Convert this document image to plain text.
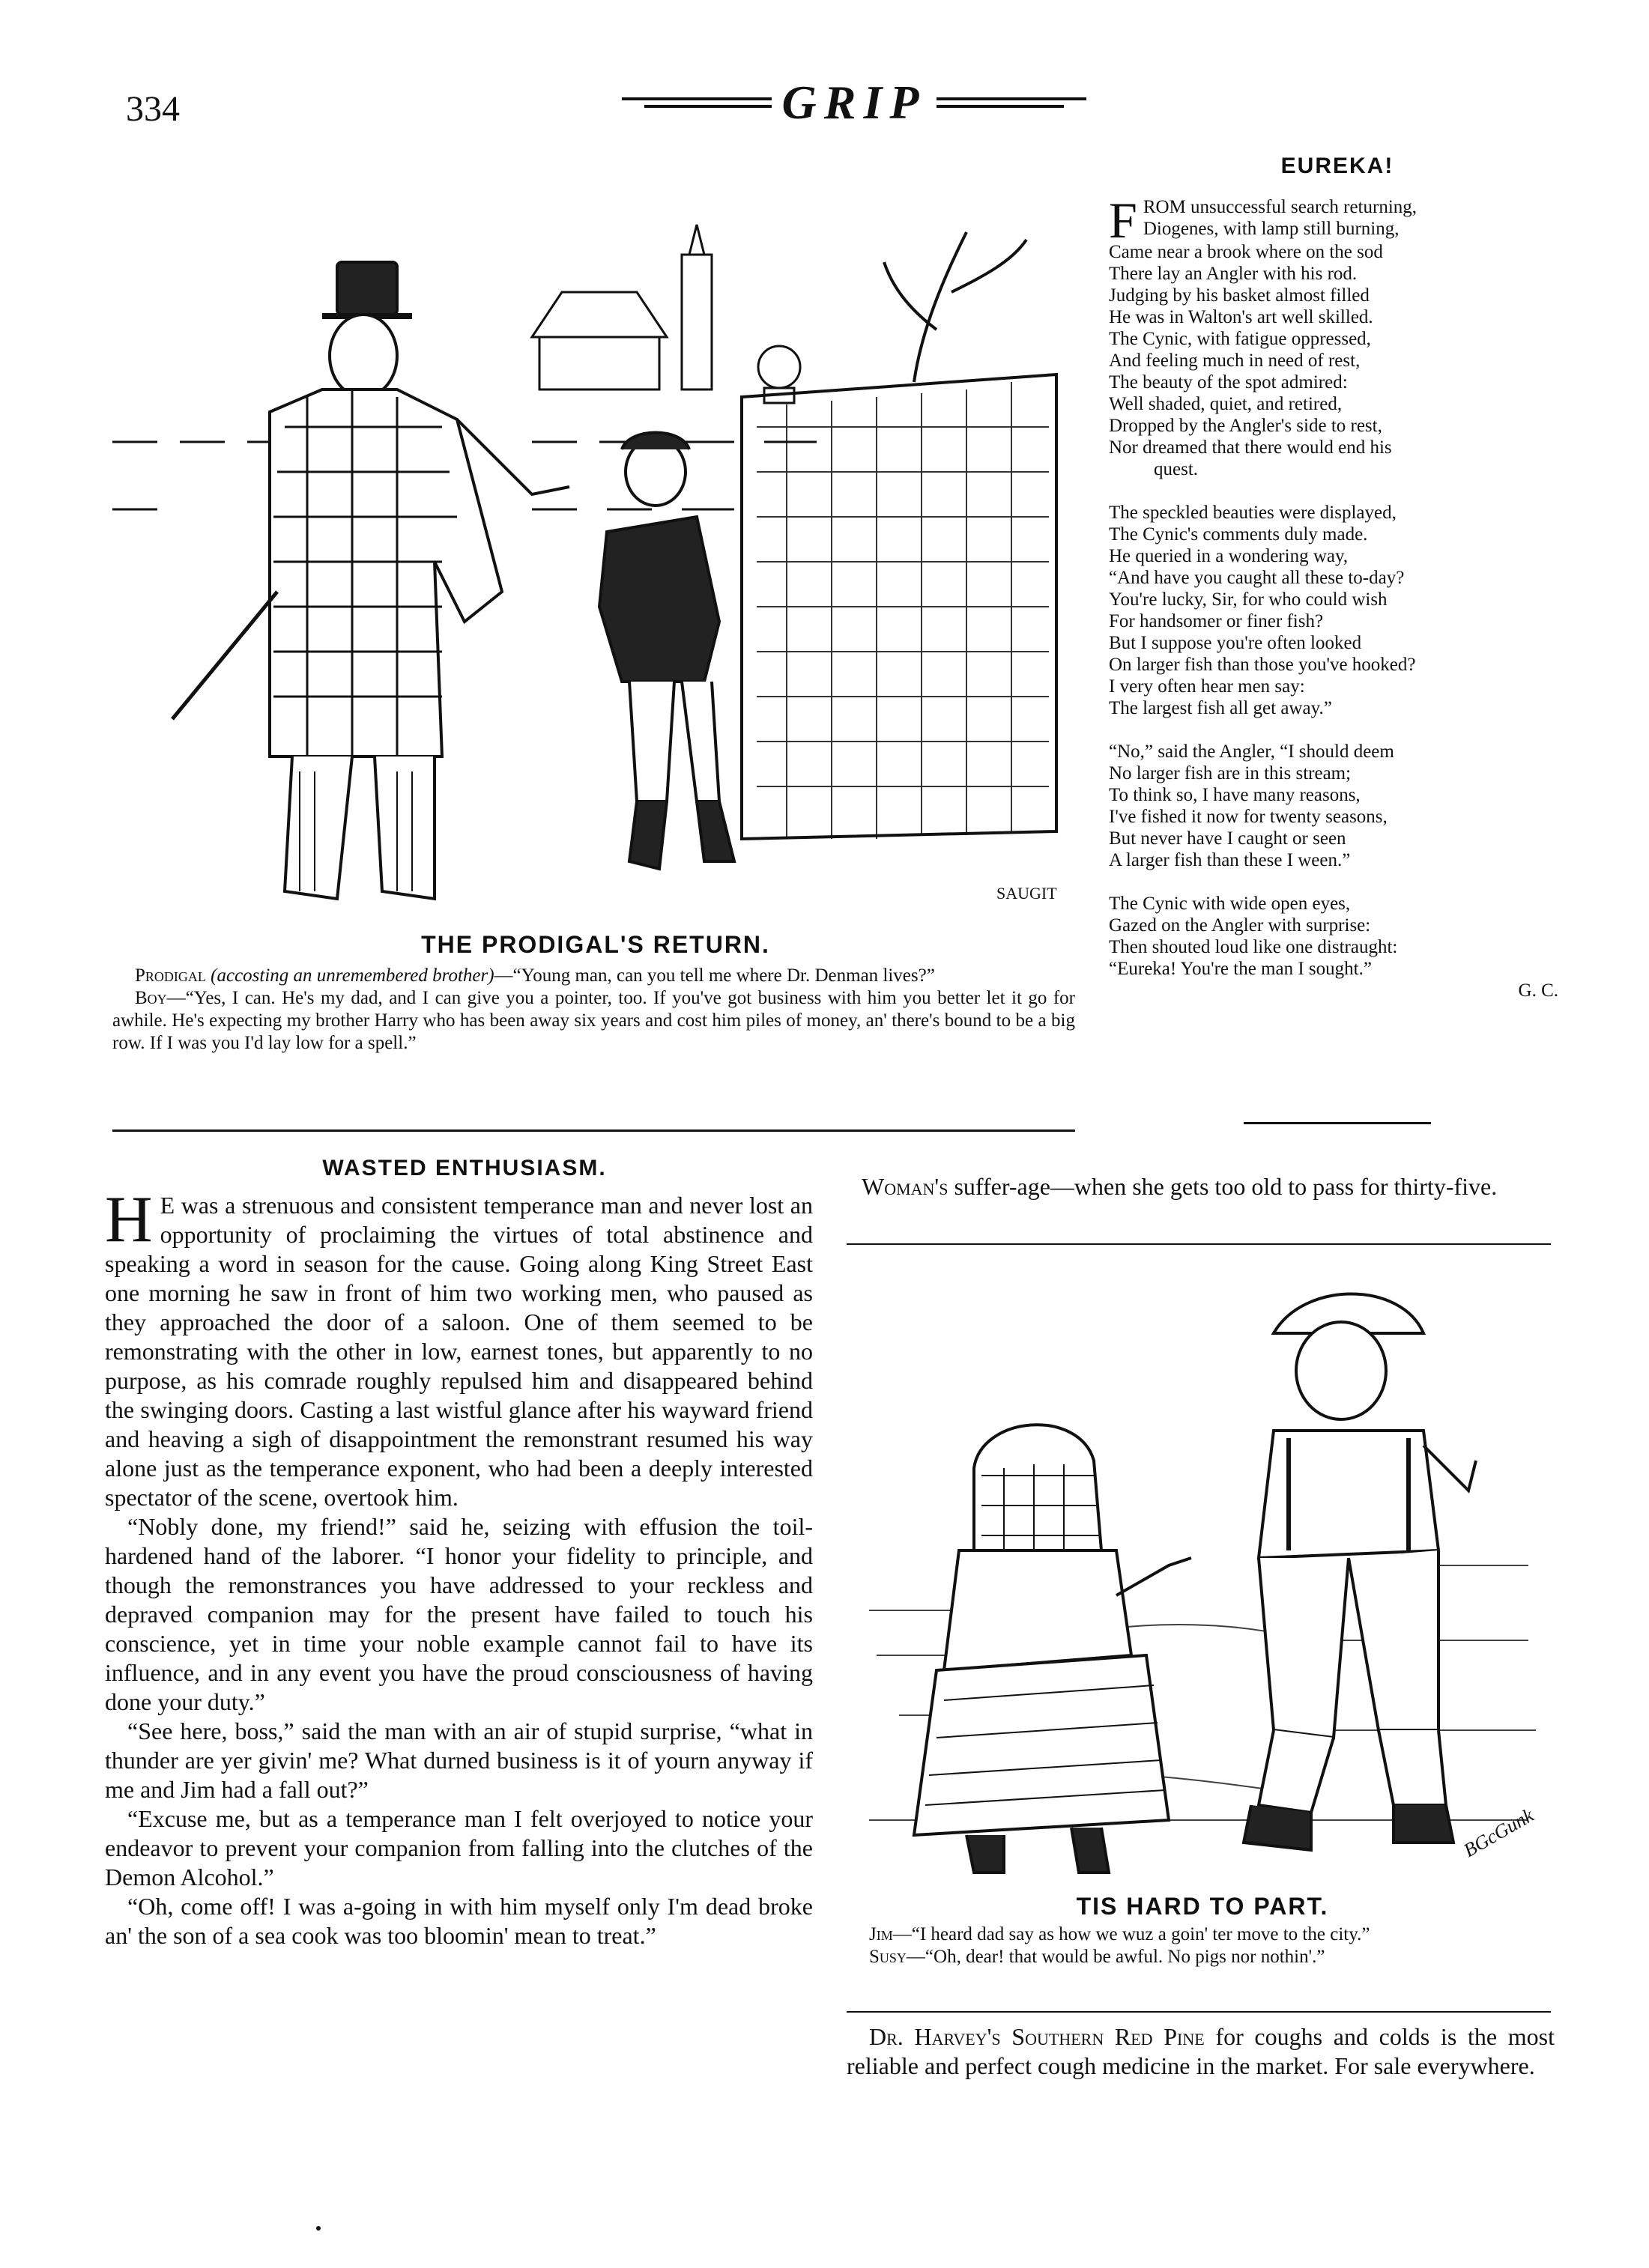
334	GRIP
SAUGIT
THE PRODIGAL'S RETURN.

Prodigal (accosting an unremembered brother)—“Young man, can you tell me where Dr. Denman lives?”

Boy—“Yes, I can. He's my dad, and I can give you a pointer, too. If you've got business with him you better let it go for awhile. He's expecting my brother Harry who has been away six years and cost him piles of money, an' there's bound to be a big row. If I was you I'd lay low for a spell.”

EUREKA!
F ROM unsuccessful search returning,
Diogenes, with lamp still burning,
Came near a brook where on the sod
There lay an Angler with his rod.
Judging by his basket almost filled
He was in Walton's art well skilled.
The Cynic, with fatigue oppressed,
And feeling much in need of rest,
The beauty of the spot admired:
Well shaded, quiet, and retired,
Dropped by the Angler's side to rest,
Nor dreamed that there would end his
quest.
The speckled beauties were displayed,
The Cynic's comments duly made.
He queried in a wondering way,
“And have you caught all these to-day?
You're lucky, Sir, for who could wish
For handsomer or finer fish?
But I suppose you're often looked
On larger fish than those you've hooked?
I very often hear men say:
The largest fish all get away.”
“No,” said the Angler, “I should deem
No larger fish are in this stream;
To think so, I have many reasons,
I've fished it now for twenty seasons,
But never have I caught or seen
A larger fish than these I ween.”
The Cynic with wide open eyes,
Gazed on the Angler with surprise:
Then shouted loud like one distraught:
“Eureka! You're the man I sought.”
G. C.
WASTED ENTHUSIASM.

H E was a strenuous and consistent temperance man and never lost an opportunity of proclaiming the virtues of total abstinence and speaking a word in season for the cause. Going along King Street East one morning he saw in front of him two working men, who paused as they approached the door of a saloon. One of them seemed to be remonstrating with the other in low, earnest tones, but apparently to no purpose, as his comrade roughly repulsed him and disappeared behind the swinging doors. Casting a last wistful glance after his wayward friend and heaving a sigh of disappointment the remonstrant resumed his way alone just as the temperance exponent, who had been a deeply interested spectator of the scene, overtook him.

“Nobly done, my friend!” said he, seizing with effusion the toil-hardened hand of the laborer. “I honor your fidelity to principle, and though the remonstrances you have addressed to your reckless and depraved companion may for the present have failed to touch his conscience, yet in time your noble example cannot fail to have its influence, and in any event you have the proud consciousness of having done your duty.”

“See here, boss,” said the man with an air of stupid surprise, “what in thunder are yer givin' me? What durned business is it of yourn anyway if me and Jim had a fall out?”

“Excuse me, but as a temperance man I felt overjoyed to notice your endeavor to prevent your companion from falling into the clutches of the Demon Alcohol.”

“Oh, come off! I was a-going in with him myself only I'm dead broke an' the son of a sea cook was too bloomin' mean to treat.”

Woman's suffer-age—when she gets too old to pass for thirty-five.

BGcGunk
TIS HARD TO PART.

Jim—“I heard dad say as how we wuz a goin' ter move to the city.”

Susy—“Oh, dear! that would be awful. No pigs nor nothin'.”

Dr. Harvey's Southern Red Pine for coughs and colds is the most reliable and perfect cough medicine in the market. For sale everywhere.
